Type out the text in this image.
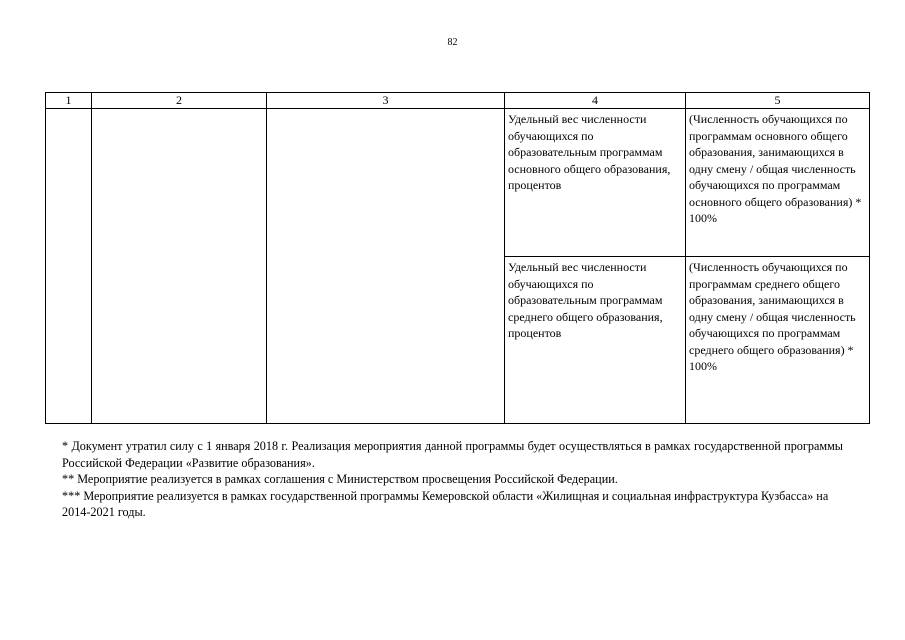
82
1	2	3	4	5
			Удельный вес численности обучающихся по образовательным программам основного общего образования, процентов	(Численность обучающихся по программам основного общего образования, занимающихся в одну смену / общая численность обучающихся по программам основного общего образования) * 100%
			Удельный вес численности обучающихся по образовательным программам среднего общего образования, процентов	(Численность обучающихся по программам среднего общего образования, занимающихся в одну смену / общая численность обучающихся по программам среднего общего образования) * 100%

* Документ утратил силу с 1 января 2018 г. Реализация мероприятия данной программы будет осуществляться в рамках государственной программы Российской Федерации «Развитие образования».

** Мероприятие реализуется в рамках соглашения с Министерством просвещения Российской Федерации.

*** Мероприятие реализуется в рамках государственной программы Кемеровской области «Жилищная и социальная инфраструктура Кузбасса» на 2014-2021 годы.
